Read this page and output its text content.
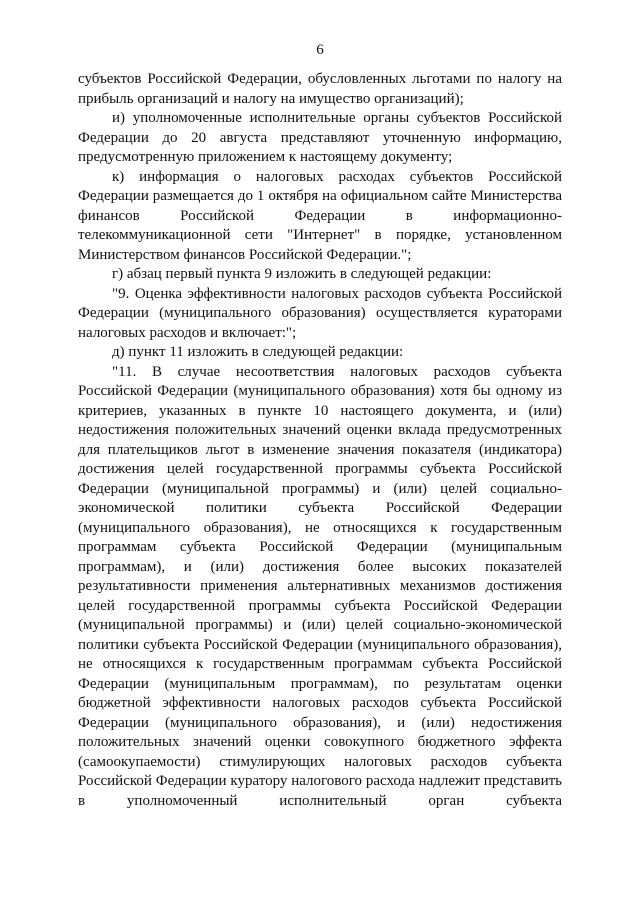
6

субъектов Российской Федерации, обусловленных льготами по налогу на прибыль организаций и налогу на имущество организаций);

и) уполномоченные исполнительные органы субъектов Российской Федерации до 20 августа представляют уточненную информацию, предусмотренную приложением к настоящему документу;

к) информация о налоговых расходах субъектов Российской Федерации размещается до 1 октября на официальном сайте Министерства финансов Российской Федерации в информационно-телекоммуникационной сети "Интернет" в порядке, установленном Министерством финансов Российской Федерации.";

г) абзац первый пункта 9 изложить в следующей редакции:

"9. Оценка эффективности налоговых расходов субъекта Российской Федерации (муниципального образования) осуществляется кураторами налоговых расходов и включает:";

д) пункт 11 изложить в следующей редакции:

"11. В случае несоответствия налоговых расходов субъекта Российской Федерации (муниципального образования) хотя бы одному из критериев, указанных в пункте 10 настоящего документа, и (или) недостижения положительных значений оценки вклада предусмотренных для плательщиков льгот в изменение значения показателя (индикатора) достижения целей государственной программы субъекта Российской Федерации (муниципальной программы) и (или) целей социально-экономической политики субъекта Российской Федерации (муниципального образования), не относящихся к государственным программам субъекта Российской Федерации (муниципальным программам), и (или) достижения более высоких показателей результативности применения альтернативных механизмов достижения целей государственной программы субъекта Российской Федерации (муниципальной программы) и (или) целей социально-экономической политики субъекта Российской Федерации (муниципального образования), не относящихся к государственным программам субъекта Российской Федерации (муниципальным программам), по результатам оценки бюджетной эффективности налоговых расходов субъекта Российской Федерации (муниципального образования), и (или) недостижения положительных значений оценки совокупного бюджетного эффекта (самоокупаемости) стимулирующих налоговых расходов субъекта Российской Федерации куратору налогового расхода надлежит представить в уполномоченный исполнительный орган субъекта
